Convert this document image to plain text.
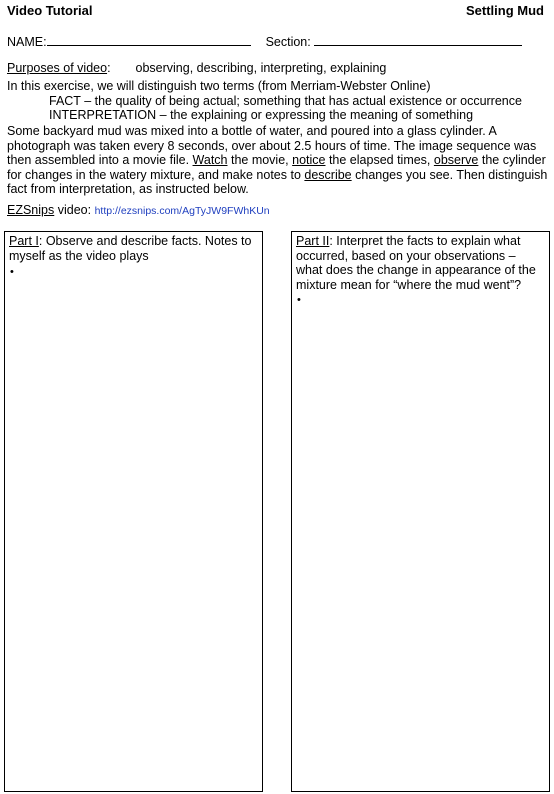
Video Tutorial	Settling Mud
NAME:	Section:
Purposes of video: observing, describing, interpreting, explaining
In this exercise, we will distinguish two terms (from Merriam-Webster Online)
FACT – the quality of being actual; something that has actual existence or occurrence
INTERPRETATION – the explaining or expressing the meaning of something
Some backyard mud was mixed into a bottle of water, and poured into a glass cylinder. A photograph was taken every 8 seconds, over about 2.5 hours of time. The image sequence was then assembled into a movie file. Watch the movie, notice the elapsed times, observe the cylinder for changes in the watery mixture, and make notes to describe changes you see. Then distinguish fact from interpretation, as instructed below.
EZSnips video: http://ezsnips.com/AgTyJW9FWhKUn
Part I: Observe and describe facts. Notes to myself as the video plays
•
Part II: Interpret the facts to explain what occurred, based on your observations – what does the change in appearance of the mixture mean for “where the mud went”?
•
